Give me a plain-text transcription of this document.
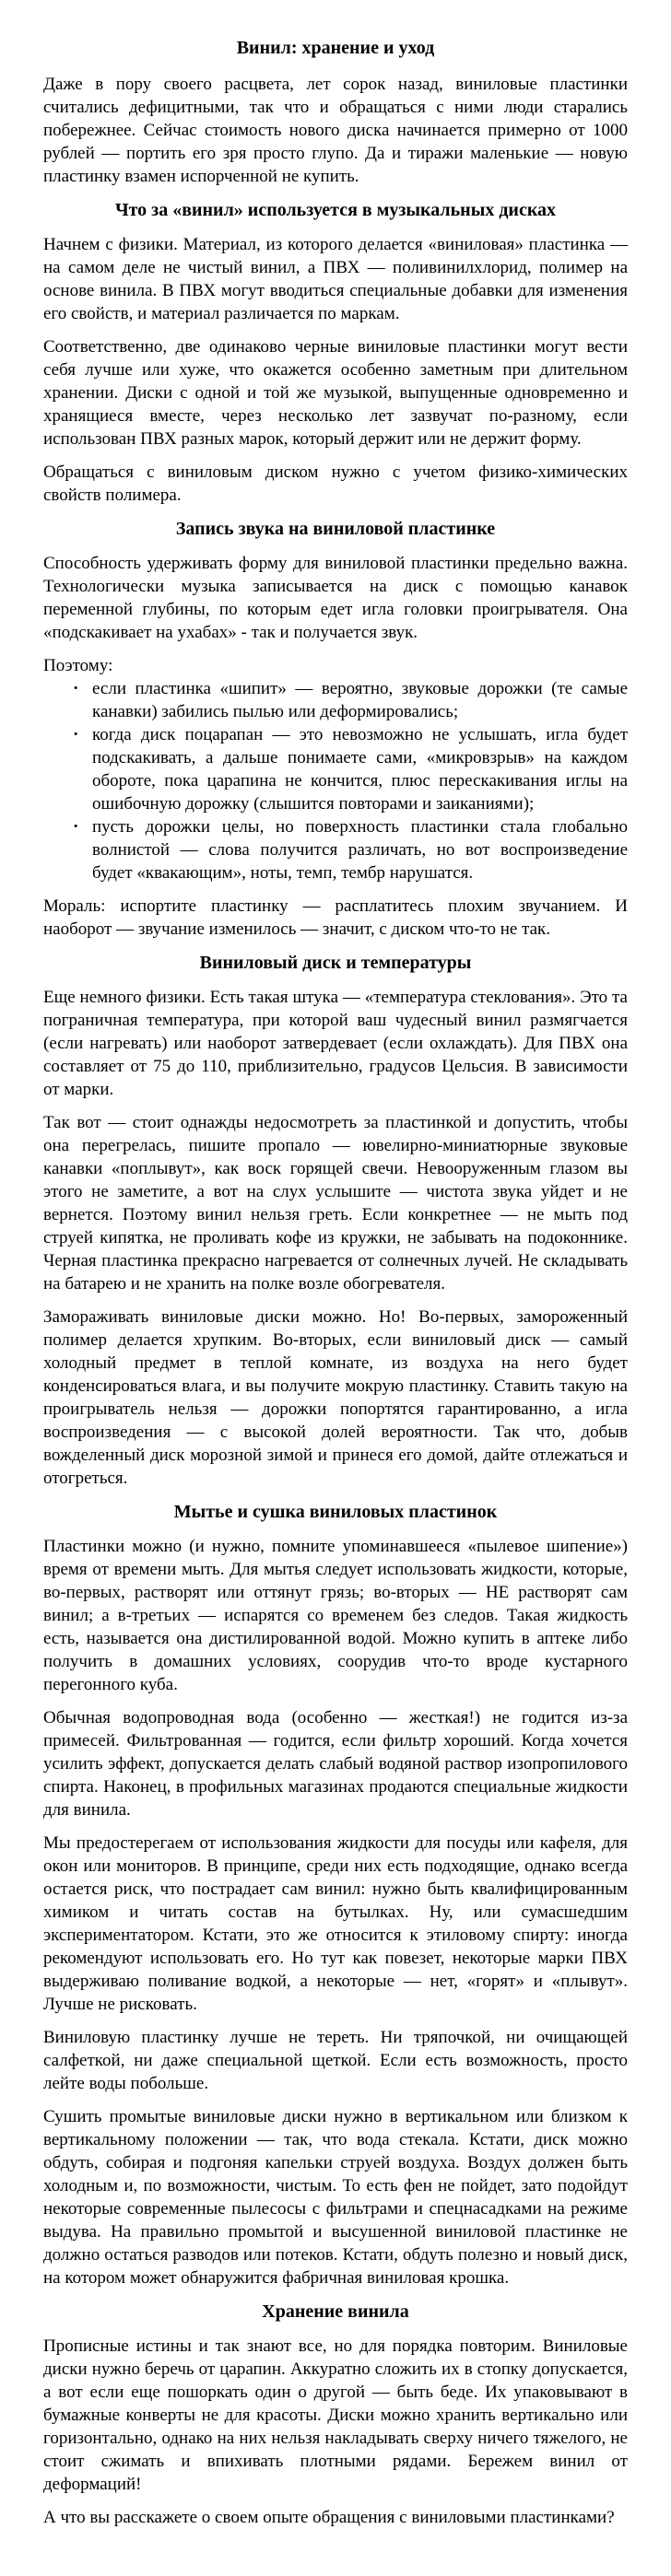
Винил: хранение и уход

Даже в пору своего расцвета, лет сорок назад, виниловые пластинки считались дефицитными, так что и обращаться с ними люди старались побережнее. Сейчас стоимость нового диска начинается примерно от 1000 рублей — портить его зря просто глупо. Да и тиражи маленькие — новую пластинку взамен испорченной не купить.

Что за «винил» используется в музыкальных дисках

Начнем с физики. Материал, из которого делается «виниловая» пластинка — на самом деле не чистый винил, а ПВХ — поливинилхлорид, полимер на основе винила. В ПВХ могут вводиться специальные добавки для изменения его свойств, и материал различается по маркам.

Соответственно, две одинаково черные виниловые пластинки могут вести себя лучше или хуже, что окажется особенно заметным при длительном хранении. Диски с одной и той же музыкой, выпущенные одновременно и хранящиеся вместе, через несколько лет зазвучат по-разному, если использован ПВХ разных марок, который держит или не держит форму.

Обращаться с виниловым диском нужно с учетом физико-химических свойств полимера.

Запись звука на виниловой пластинке

Способность удерживать форму для виниловой пластинки предельно важна. Технологически музыка записывается на диск с помощью канавок переменной глубины, по которым едет игла головки проигрывателя. Она «подскакивает на ухабах» - так и получается звук.

Поэтому:

· если пластинка «шипит» — вероятно, звуковые дорожки (те самые канавки) забились пылью или деформировались;
· когда диск поцарапан — это невозможно не услышать, игла будет подскакивать, а дальше понимаете сами, «микровзрыв» на каждом обороте, пока царапина не кончится, плюс перескакивания иглы на ошибочную дорожку (слышится повторами и заиканиями);
· пусть дорожки целы, но поверхность пластинки стала глобально волнистой — слова получится различать, но вот воспроизведение будет «квакающим», ноты, темп, тембр нарушатся.

Мораль: испортите пластинку — расплатитесь плохим звучанием. И наоборот — звучание изменилось — значит, с диском что-то не так.

Виниловый диск и температуры

Еще немного физики. Есть такая штука — «температура стеклования». Это та пограничная температура, при которой ваш чудесный винил размягчается (если нагревать) или наоборот затвердевает (если охлаждать). Для ПВХ она составляет от 75 до 110, приблизительно, градусов Цельсия. В зависимости от марки.

Так вот — стоит однажды недосмотреть за пластинкой и допустить, чтобы она перегрелась, пишите пропало — ювелирно-миниатюрные звуковые канавки «поплывут», как воск горящей свечи. Невооруженным глазом вы этого не заметите, а вот на слух услышите — чистота звука уйдет и не вернется. Поэтому винил нельзя греть. Если конкретнее — не мыть под струей кипятка, не проливать кофе из кружки, не забывать на подоконнике. Черная пластинка прекрасно нагревается от солнечных лучей. Не складывать на батарею и не хранить на полке возле обогревателя.

Замораживать виниловые диски можно. Но! Во-первых, замороженный полимер делается хрупким. Во-вторых, если виниловый диск — самый холодный предмет в теплой комнате, из воздуха на него будет конденсироваться влага, и вы получите мокрую пластинку. Ставить такую на проигрыватель нельзя — дорожки попортятся гарантированно, а игла воспроизведения — с высокой долей вероятности. Так что, добыв вожделенный диск морозной зимой и принеся его домой, дайте отлежаться и отогреться.

Мытье и сушка виниловых пластинок

Пластинки можно (и нужно, помните упоминавшееся «пылевое шипение») время от времени мыть. Для мытья следует использовать жидкости, которые, во-первых, растворят или оттянут грязь; во-вторых — НЕ растворят сам винил; а в-третьих — испарятся со временем без следов. Такая жидкость есть, называется она дистилированной водой. Можно купить в аптеке либо получить в домашних условиях, соорудив что-то вроде кустарного перегонного куба.

Обычная водопроводная вода (особенно — жесткая!) не годится из-за примесей. Фильтрованная — годится, если фильтр хороший. Когда хочется усилить эффект, допускается делать слабый водяной раствор изопропилового спирта. Наконец, в профильных магазинах продаются специальные жидкости для винила.

Мы предостерегаем от использования жидкости для посуды или кафеля, для окон или мониторов. В принципе, среди них есть подходящие, однако всегда остается риск, что пострадает сам винил: нужно быть квалифицированным химиком и читать состав на бутылках. Ну, или сумасшедшим экспериментатором. Кстати, это же относится к этиловому спирту: иногда рекомендуют использовать его. Но тут как повезет, некоторые марки ПВХ выдерживаю поливание водкой, а некоторые — нет, «горят» и «плывут». Лучше не рисковать.

Виниловую пластинку лучше не тереть. Ни тряпочкой, ни очищающей салфеткой, ни даже специальной щеткой. Если есть возможность, просто лейте воды побольше.

Сушить промытые виниловые диски нужно в вертикальном или близком к вертикальному положении — так, что вода стекала. Кстати, диск можно обдуть, собирая и подгоняя капельки струей воздуха. Воздух должен быть холодным и, по возможности, чистым. То есть фен не пойдет, зато подойдут некоторые современные пылесосы с фильтрами и спецнасадками на режиме выдува. На правильно промытой и высушенной виниловой пластинке не должно остаться разводов или потеков. Кстати, обдуть полезно и новый диск, на котором может обнаружится фабричная виниловая крошка.

Хранение винила

Прописные истины и так знают все, но для порядка повторим. Виниловые диски нужно беречь от царапин. Аккуратно сложить их в стопку допускается, а вот если еще пошоркать один о другой — быть беде. Их упаковывают в бумажные конверты не для красоты. Диски можно хранить вертикально или горизонтально, однако на них нельзя накладывать сверху ничего тяжелого, не стоит сжимать и впихивать плотными рядами. Бережем винил от деформаций!

А что вы расскажете о своем опыте обращения с виниловыми пластинками?
